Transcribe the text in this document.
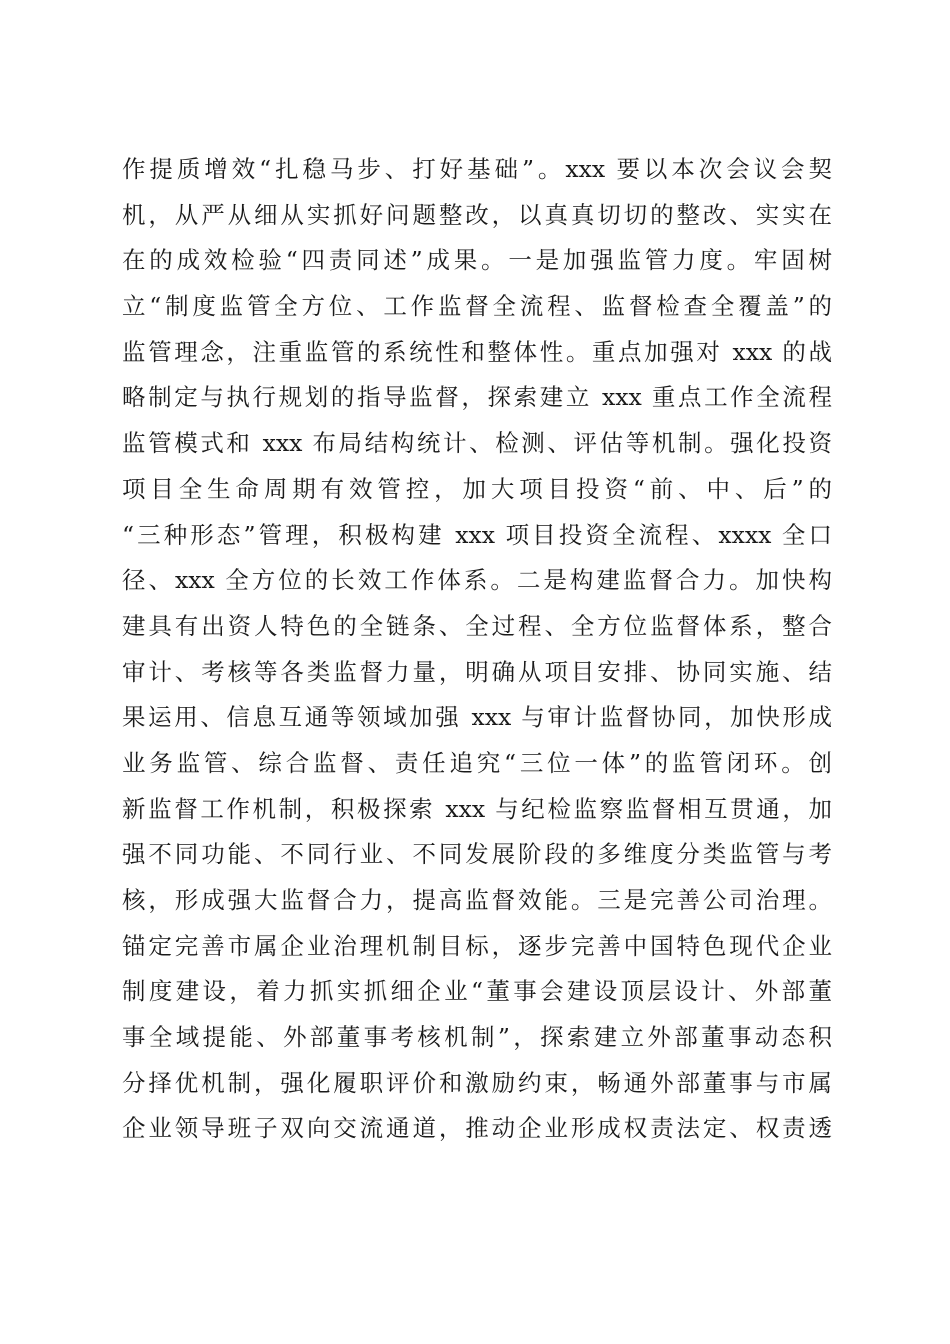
作提质增效“扎稳马步、打好基础”。xxx 要以本次会议会契
机，从严从细从实抓好问题整改，以真真切切的整改、实实在
在的成效检验“四责同述”成果。一是加强监管力度。牢固树
立“制度监管全方位、工作监督全流程、监督检查全覆盖”的
监管理念，注重监管的系统性和整体性。重点加强对 xxx 的战
略制定与执行规划的指导监督，探索建立 xxx 重点工作全流程
监管模式和 xxx 布局结构统计、检测、评估等机制。强化投资
项目全生命周期有效管控，加大项目投资“前、中、后”的
“三种形态”管理，积极构建 xxx 项目投资全流程、xxxx 全口
径、xxx 全方位的长效工作体系。二是构建监督合力。加快构
建具有出资人特色的全链条、全过程、全方位监督体系，整合
审计、考核等各类监督力量，明确从项目安排、协同实施、结
果运用、信息互通等领域加强 xxx 与审计监督协同，加快形成
业务监管、综合监督、责任追究“三位一体”的监管闭环。创
新监督工作机制，积极探索 xxx 与纪检监察监督相互贯通，加
强不同功能、不同行业、不同发展阶段的多维度分类监管与考
核，形成强大监督合力，提高监督效能。三是完善公司治理。
锚定完善市属企业治理机制目标，逐步完善中国特色现代企业
制度建设，着力抓实抓细企业“董事会建设顶层设计、外部董
事全域提能、外部董事考核机制”，探索建立外部董事动态积
分择优机制，强化履职评价和激励约束，畅通外部董事与市属
企业领导班子双向交流通道，推动企业形成权责法定、权责透
